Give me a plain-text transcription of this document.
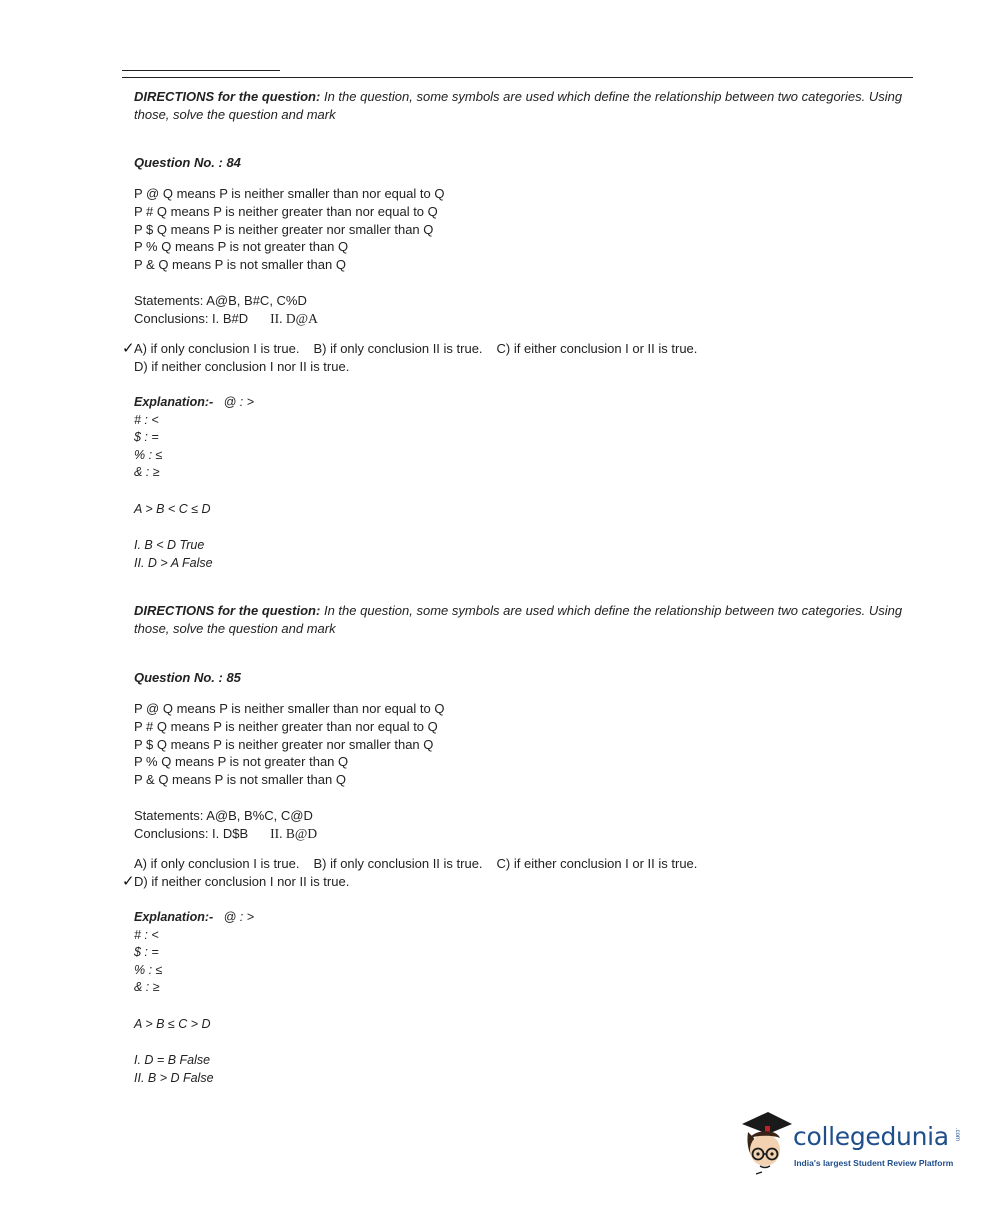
DIRECTIONS for the question: In the question, some symbols are used which define the relationship between two categories. Using those, solve the question and mark
Question No. : 84
P @ Q means P is neither smaller than nor equal to Q
P # Q means P is neither greater than nor equal to Q
P $ Q means P is neither greater nor smaller than Q
P % Q means P is not greater than Q
P & Q means P is not smaller than Q
Statements: A@B, B#C, C%D
Conclusions: I. B#D II. D@A
✓A) if only conclusion I is true. B) if only conclusion II is true. C) if either conclusion I or II is true.
D) if neither conclusion I nor II is true.
Explanation:- @ : >
# : <
$ : =
% : ≤
& : ≥
A > B < C ≤ D
I. B < D True
II. D > A False
DIRECTIONS for the question: In the question, some symbols are used which define the relationship between two categories. Using those, solve the question and mark
Question No. : 85
P @ Q means P is neither smaller than nor equal to Q
P # Q means P is neither greater than nor equal to Q
P $ Q means P is neither greater nor smaller than Q
P % Q means P is not greater than Q
P & Q means P is not smaller than Q
Statements: A@B, B%C, C@D
Conclusions: I. D$B II. B@D
A) if only conclusion I is true. B) if only conclusion II is true. C) if either conclusion I or II is true.
✓D) if neither conclusion I nor II is true.
Explanation:- @ : >
# : <
$ : =
% : ≤
& : ≥
A > B ≤ C > D
I. D = B False
II. B > D False
collegedunia .com
India's largest Student Review Platform
